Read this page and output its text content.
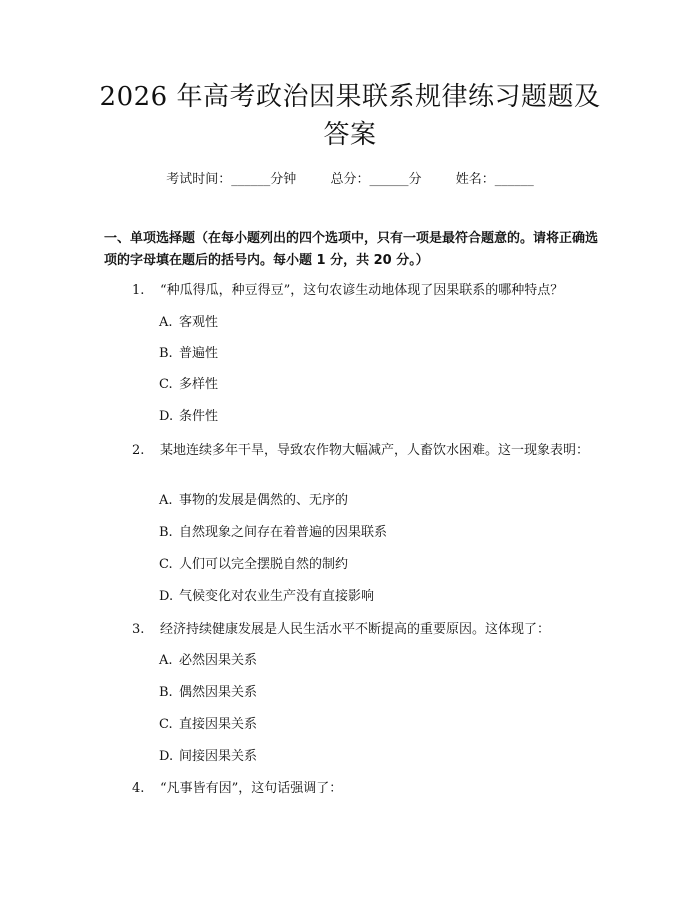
2026 年高考政治因果联系规律练习题题及答案
考试时间：______分钟	总分：______分	姓名：______
一、单项选择题（在每小题列出的四个选项中，只有一项是最符合题意的。请将正确选项的字母填在题后的括号内。每小题 1 分，共 20 分。）
1. “种瓜得瓜，种豆得豆”，这句农谚生动地体现了因果联系的哪种特点？
A. 客观性
B. 普遍性
C. 多样性
D. 条件性
2. 某地连续多年干旱，导致农作物大幅减产，人畜饮水困难。这一现象表明：
A. 事物的发展是偶然的、无序的
B. 自然现象之间存在着普遍的因果联系
C. 人们可以完全摆脱自然的制约
D. 气候变化对农业生产没有直接影响
3. 经济持续健康发展是人民生活水平不断提高的重要原因。这体现了：
A. 必然因果关系
B. 偶然因果关系
C. 直接因果关系
D. 间接因果关系
4. “凡事皆有因”，这句话强调了：
